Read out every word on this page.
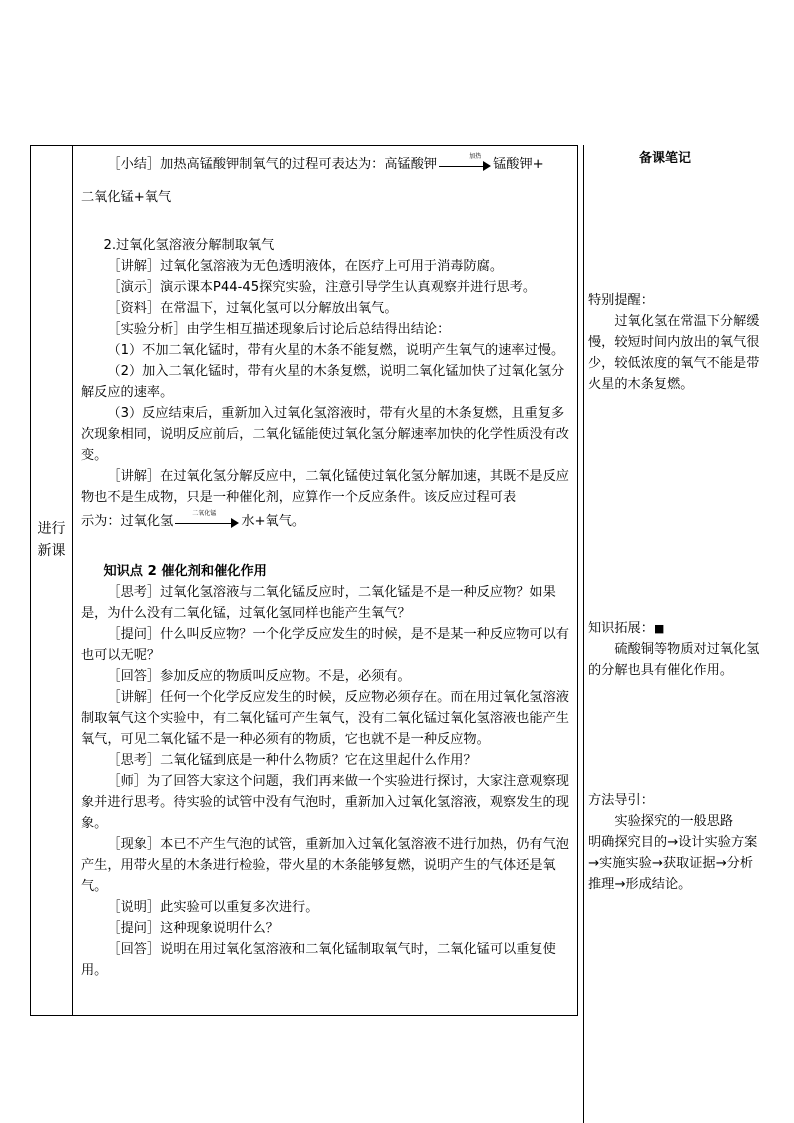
进行
新课

［小结］加热高锰酸钾制氧气的过程可表达为：高锰酸钾
加热
锰酸钾+

二氧化锰+氧气

2.过氧化氢溶液分解制取氧气

［讲解］过氧化氢溶液为无色透明液体，在医疗上可用于消毒防腐。

［演示］演示课本P44-45探究实验，注意引导学生认真观察并进行思考。

［资料］在常温下，过氧化氢可以分解放出氧气。

［实验分析］由学生相互描述现象后讨论后总结得出结论：

（1）不加二氧化锰时，带有火星的木条不能复燃，说明产生氧气的速率过慢。

（2）加入二氧化锰时，带有火星的木条复燃，说明二氧化锰加快了过氧化氢分解反应的速率。

（3）反应结束后，重新加入过氧化氢溶液时，带有火星的木条复燃，且重复多次现象相同，说明反应前后，二氧化锰能使过氧化氢分解速率加快的化学性质没有改变。

［讲解］在过氧化氢分解反应中，二氧化锰使过氧化氢分解加速，其既不是反应物也不是生成物，只是一种催化剂，应算作一个反应条件。该反应过程可表

示为：过氧化氢
二氧化锰
水+氧气。

知识点 2 催化剂和催化作用

［思考］过氧化氢溶液与二氧化锰反应时，二氧化锰是不是一种反应物？如果是，为什么没有二氧化锰，过氧化氢同样也能产生氧气？

［提问］什么叫反应物？一个化学反应发生的时候，是不是某一种反应物可以有也可以无呢？

［回答］参加反应的物质叫反应物。不是，必须有。

［讲解］任何一个化学反应发生的时候，反应物必须存在。而在用过氧化氢溶液制取氧气这个实验中，有二氧化锰可产生氧气，没有二氧化锰过氧化氢溶液也能产生氧气，可见二氧化锰不是一种必须有的物质，它也就不是一种反应物。

［思考］二氧化锰到底是一种什么物质？它在这里起什么作用？

［师］为了回答大家这个问题，我们再来做一个实验进行探讨，大家注意观察现象并进行思考。待实验的试管中没有气泡时，重新加入过氧化氢溶液，观察发生的现象。

［现象］本已不产生气泡的试管，重新加入过氧化氢溶液不进行加热，仍有气泡产生，用带火星的木条进行检验，带火星的木条能够复燃，说明产生的气体还是氧气。

［说明］此实验可以重复多次进行。

［提问］这种现象说明什么？

［回答］说明在用过氧化氢溶液和二氧化锰制取氧气时，二氧化锰可以重复使用。

备课笔记

特别提醒：

过氧化氢在常温下分解缓慢，较短时间内放出的氧气很少，较低浓度的氧气不能是带火星的木条复燃。

知识拓展：■

硫酸铜等物质对过氧化氢的分解也具有催化作用。

方法导引：

实验探究的一般思路

明确探究目的→设计实验方案→实施实验→获取证据→分析推理→形成结论。
